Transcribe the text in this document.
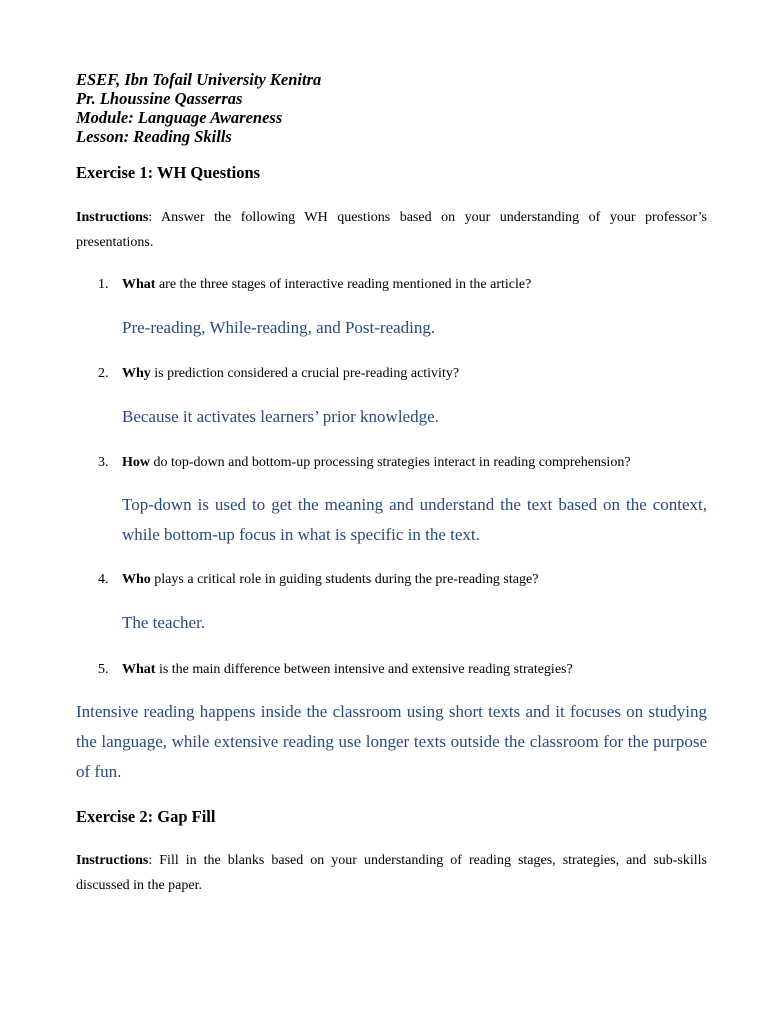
ESEF, Ibn Tofail University Kenitra
Pr. Lhoussine Qasserras
Module: Language Awareness
Lesson: Reading Skills
Exercise 1: WH Questions
Instructions: Answer the following WH questions based on your understanding of your professor’s presentations.
1. What are the three stages of interactive reading mentioned in the article?
Pre-reading, While-reading, and Post-reading.
2. Why is prediction considered a crucial pre-reading activity?
Because it activates learners’ prior knowledge.
3. How do top-down and bottom-up processing strategies interact in reading comprehension?
Top-down is used to get the meaning and understand the text based on the context, while bottom-up focus in what is specific in the text.
4. Who plays a critical role in guiding students during the pre-reading stage?
The teacher.
5. What is the main difference between intensive and extensive reading strategies?
Intensive reading happens inside the classroom using short texts and it focuses on studying the language, while extensive reading use longer texts outside the classroom for the purpose of fun.
Exercise 2: Gap Fill
Instructions: Fill in the blanks based on your understanding of reading stages, strategies, and sub-skills discussed in the paper.
